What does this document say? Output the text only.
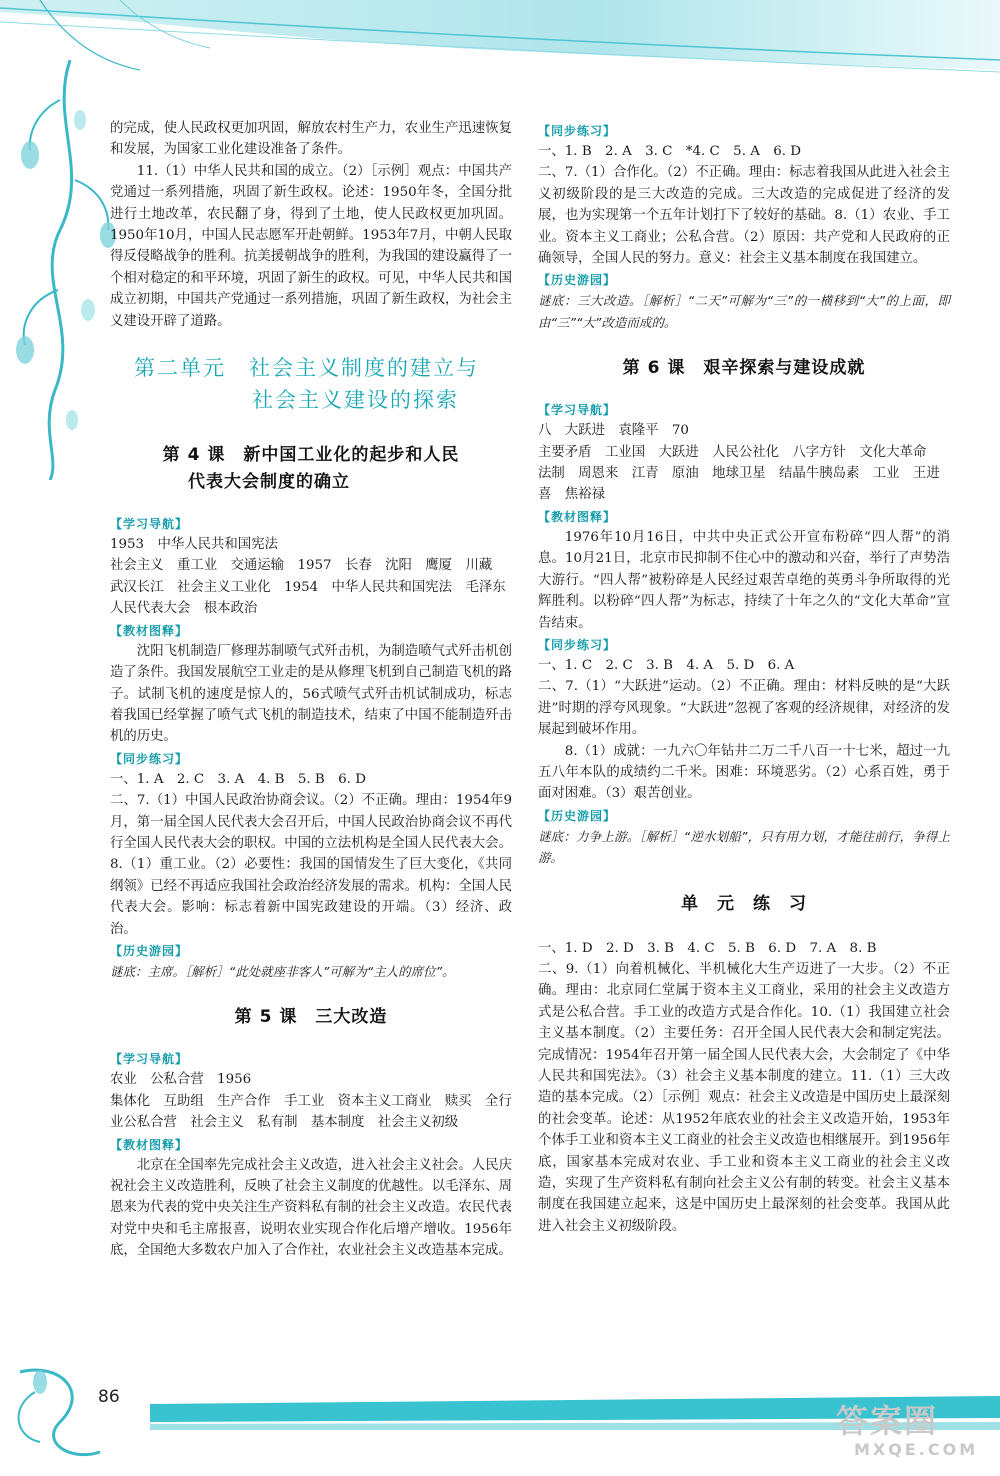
86

的完成，使人民政权更加巩固，解放农村生产力，农业生产迅速恢复和发展，为国家工业化建设准备了条件。

11.（1）中华人民共和国的成立。（2）［示例］观点：中国共产党通过一系列措施，巩固了新生政权。论述：1950年冬，全国分批进行土地改革，农民翻了身，得到了土地，使人民政权更加巩固。1950年10月，中国人民志愿军开赴朝鲜。1953年7月，中朝人民取得反侵略战争的胜利。抗美援朝战争的胜利，为我国的建设赢得了一个相对稳定的和平环境，巩固了新生的政权。可见，中华人民共和国成立初期，中国共产党通过一系列措施，巩固了新生政权，为社会主义建设开辟了道路。

第二单元　社会主义制度的建立与
社会主义建设的探索
第 4 课　新中国工业化的起步和人民
代表大会制度的确立
【学习导航】

1953　中华人民共和国宪法

社会主义　重工业　交通运输　1957　长春　沈阳　鹰厦　川藏　武汉长江　社会主义工业化　1954　中华人民共和国宪法　毛泽东　人民代表大会　根本政治

【教材图释】

沈阳飞机制造厂修理苏制喷气式歼击机，为制造喷气式歼击机创造了条件。我国发展航空工业走的是从修理飞机到自己制造飞机的路子。试制飞机的速度是惊人的，56式喷气式歼击机试制成功，标志着我国已经掌握了喷气式飞机的制造技术，结束了中国不能制造歼击机的历史。

【同步练习】

一、1. A　2. C　3. A　4. B　5. B　6. D

二、7.（1）中国人民政治协商会议。（2）不正确。理由：1954年9月，第一届全国人民代表大会召开后，中国人民政治协商会议不再代行全国人民代表大会的职权。中国的立法机构是全国人民代表大会。8.（1）重工业。（2）必要性：我国的国情发生了巨大变化，《共同纲领》已经不再适应我国社会政治经济发展的需求。机构：全国人民代表大会。影响：标志着新中国宪政建设的开端。（3）经济、政治。

【历史游园】

谜底：主席。［解析］“此处就座非客人”可解为“主人的席位”。

第 5 课　三大改造
【学习导航】

农业　公私合营　1956

集体化　互助组　生产合作　手工业　资本主义工商业　赎买　全行业公私合营　社会主义　私有制　基本制度　社会主义初级

【教材图释】

北京在全国率先完成社会主义改造，进入社会主义社会。人民庆祝社会主义改造胜利，反映了社会主义制度的优越性。以毛泽东、周恩来为代表的党中央关注生产资料私有制的社会主义改造。农民代表对党中央和毛主席报喜，说明农业实现合作化后增产增收。1956年底，全国绝大多数农户加入了合作社，农业社会主义改造基本完成。

【同步练习】

一、1. B　2. A　3. C　*4. C　5. A　6. D

二、7.（1）合作化。（2）不正确。理由：标志着我国从此进入社会主义初级阶段的是三大改造的完成。三大改造的完成促进了经济的发展，也为实现第一个五年计划打下了较好的基础。8.（1）农业、手工业。资本主义工商业；公私合营。（2）原因：共产党和人民政府的正确领导，全国人民的努力。意义：社会主义基本制度在我国建立。

【历史游园】

谜底：三大改造。［解析］“二天”可解为“三”的一横移到“大”的上面，即由“三”“大”改造而成的。

第 6 课　艰辛探索与建设成就
【学习导航】

八　大跃进　袁隆平　70

主要矛盾　工业国　大跃进　人民公社化　八字方针　文化大革命　法制　周恩来　江青　原油　地球卫星　结晶牛胰岛素　工业　王进喜　焦裕禄

【教材图释】

1976年10月16日，中共中央正式公开宣布粉碎“四人帮”的消息。10月21日，北京市民抑制不住心中的激动和兴奋，举行了声势浩大游行。“四人帮”被粉碎是人民经过艰苦卓绝的英勇斗争所取得的光辉胜利。以粉碎“四人帮”为标志，持续了十年之久的“文化大革命”宣告结束。

【同步练习】

一、1. C　2. C　3. B　4. A　5. D　6. A

二、7.（1）“大跃进”运动。（2）不正确。理由：材料反映的是“大跃进”时期的浮夸风现象。“大跃进”忽视了客观的经济规律，对经济的发展起到破坏作用。

8.（1）成就：一九六〇年钻井二万二千八百一十七米，超过一九五八年本队的成绩约二千米。困难：环境恶劣。（2）心系百姓，勇于面对困难。（3）艰苦创业。

【历史游园】

谜底：力争上游。［解析］“逆水划船”，只有用力划，才能往前行，争得上游。

单　元　练　习

一、1. D　2. D　3. B　4. C　5. B　6. D　7. A　8. B

二、9.（1）向着机械化、半机械化大生产迈进了一大步。（2）不正确。理由：北京同仁堂属于资本主义工商业，采用的社会主义改造方式是公私合营。手工业的改造方式是合作化。10.（1）我国建立社会主义基本制度。（2）主要任务：召开全国人民代表大会和制定宪法。完成情况：1954年召开第一届全国人民代表大会，大会制定了《中华人民共和国宪法》。（3）社会主义基本制度的建立。11.（1）三大改造的基本完成。（2）［示例］观点：社会主义改造是中国历史上最深刻的社会变革。论述：从1952年底农业的社会主义改造开始，1953年个体手工业和资本主义工商业的社会主义改造也相继展开。到1956年底，国家基本完成对农业、手工业和资本主义工商业的社会主义改造，实现了生产资料私有制向社会主义公有制的转变。社会主义基本制度在我国建立起来，这是中国历史上最深刻的社会变革。我国从此进入社会主义初级阶段。

答案圈
MXQE.COM
